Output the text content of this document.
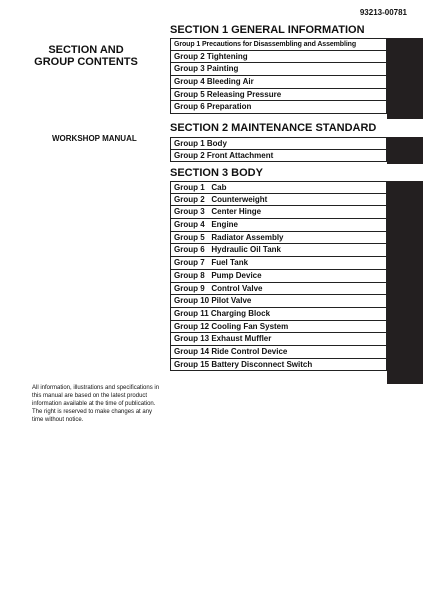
93213-00781
SECTION AND GROUP CONTENTS
WORKSHOP MANUAL
All information, illustrations and specifications in this manual are based on the latest product information available at the time of publication. The right is reserved to make changes at any time without notice.
SECTION 1 GENERAL INFORMATION
• Group 1 Precautions for Disassembling and Assembling
• Group 2 Tightening
• Group 3 Painting
• Group 4 Bleeding Air
• Group 5 Releasing Pressure
• Group 6 Preparation
SECTION 2 MAINTENANCE STANDARD
• Group 1 Body
• Group 2 Front Attachment
SECTION 3 BODY
• Group 1   Cab
• Group 2   Counterweight
• Group 3   Center Hinge
• Group 4   Engine
• Group 5   Radiator Assembly
• Group 6   Hydraulic Oil Tank
• Group 7   Fuel Tank
• Group 8   Pump Device
• Group 9   Control Valve
• Group 10 Pilot Valve
• Group 11 Charging Block
• Group 12 Cooling Fan System
• Group 13 Exhaust Muffler
• Group 14 Ride Control Device
• Group 15 Battery Disconnect Switch
